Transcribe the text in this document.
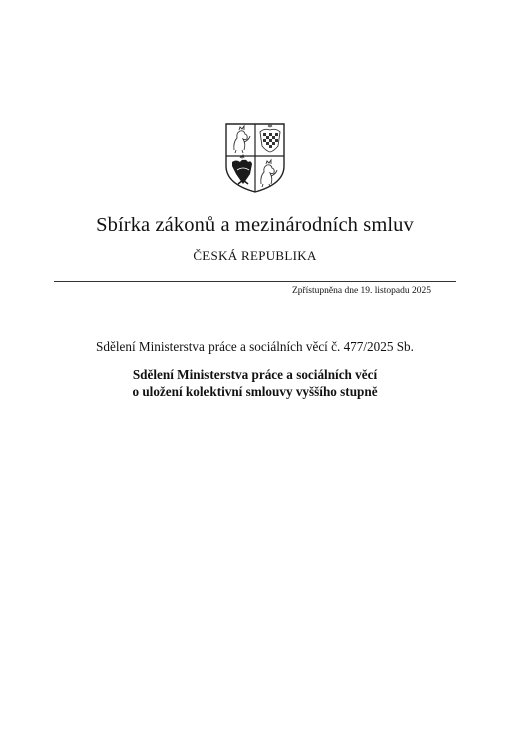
Sbírka zákonů a mezinárodních smluv
ČESKÁ REPUBLIKA
Zpřístupněna dne 19. listopadu 2025
Sdělení Ministerstva práce a sociálních věcí č. 477/2025 Sb.
Sdělení Ministerstva práce a sociálních věcí
o uložení kolektivní smlouvy vyššího stupně
